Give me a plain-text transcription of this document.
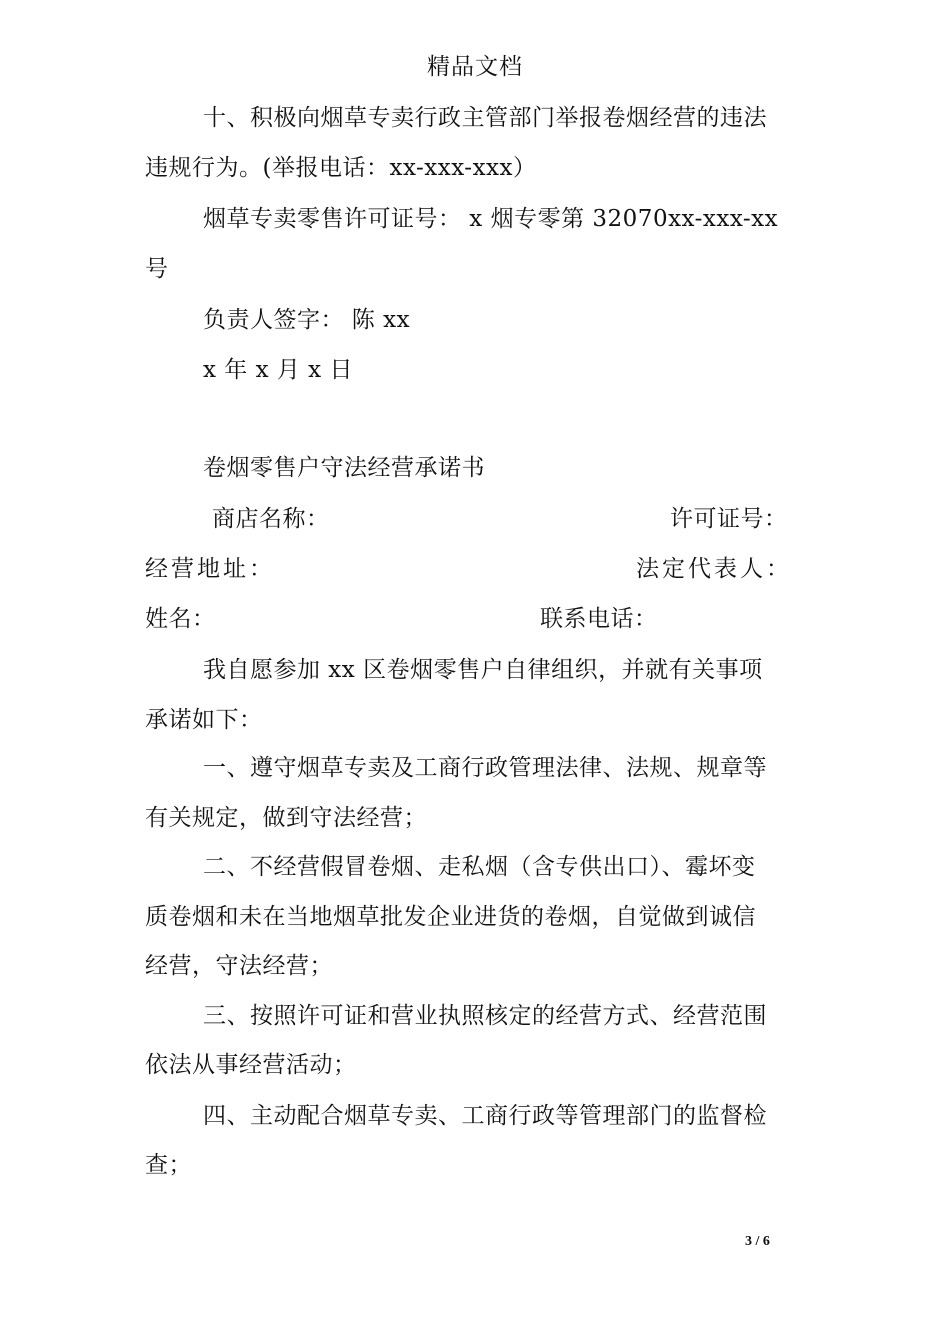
精品文档
十、积极向烟草专卖行政主管部门举报卷烟经营的违法
违规行为。(举报电话：xx-xxx-xxx）
烟草专卖零售许可证号： x 烟专零第 32070xx-xxx-xx
号
负责人签字： 陈 xx
x 年 x 月 x 日
卷烟零售户守法经营承诺书
商店名称：	许可证号：
经营地址：	法定代表人：
姓名：	联系电话：
我自愿参加 xx 区卷烟零售户自律组织，并就有关事项
承诺如下：
一、遵守烟草专卖及工商行政管理法律、法规、规章等
有关规定，做到守法经营；
二、不经营假冒卷烟、走私烟（含专供出口）、霉坏变
质卷烟和未在当地烟草批发企业进货的卷烟，自觉做到诚信
经营，守法经营；
三、按照许可证和营业执照核定的经营方式、经营范围
依法从事经营活动；
四、主动配合烟草专卖、工商行政等管理部门的监督检
查；
3 / 6
